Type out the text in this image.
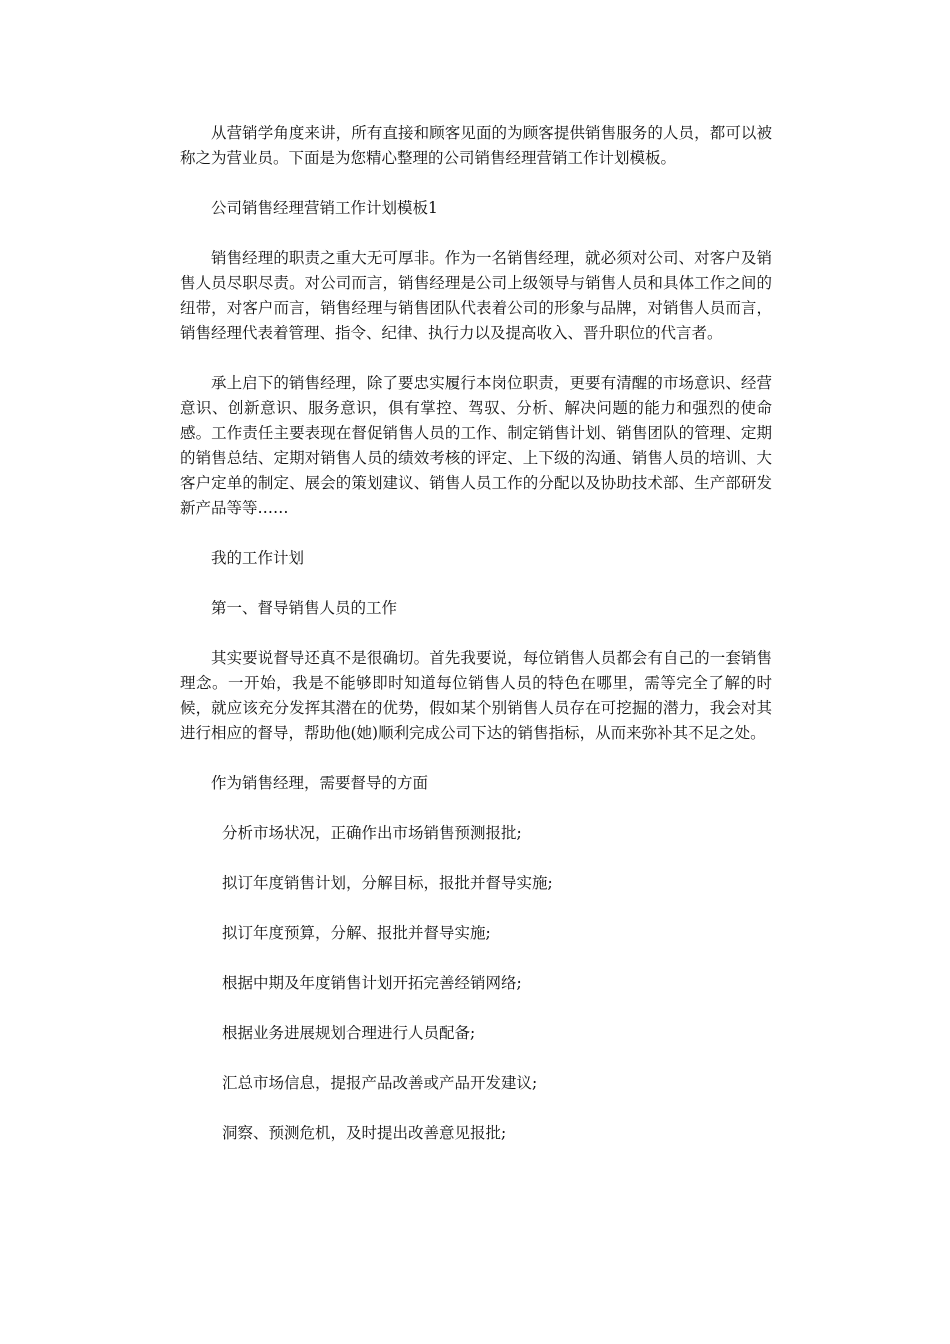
从营销学角度来讲，所有直接和顾客见面的为顾客提供销售服务的人员，都可以被称之为营业员。下面是为您精心整理的公司销售经理营销工作计划模板。

公司销售经理营销工作计划模板1

销售经理的职责之重大无可厚非。作为一名销售经理，就必须对公司、对客户及销售人员尽职尽责。对公司而言，销售经理是公司上级领导与销售人员和具体工作之间的纽带，对客户而言，销售经理与销售团队代表着公司的形象与品牌，对销售人员而言，销售经理代表着管理、指令、纪律、执行力以及提高收入、晋升职位的代言者。

承上启下的销售经理，除了要忠实履行本岗位职责，更要有清醒的市场意识、经营意识、创新意识、服务意识，俱有掌控、驾驭、分析、解决问题的能力和强烈的使命感。工作责任主要表现在督促销售人员的工作、制定销售计划、销售团队的管理、定期的销售总结、定期对销售人员的绩效考核的评定、上下级的沟通、销售人员的培训、大客户定单的制定、展会的策划建议、销售人员工作的分配以及协助技术部、生产部研发新产品等等……

我的工作计划

第一、督导销售人员的工作

其实要说督导还真不是很确切。首先我要说，每位销售人员都会有自己的一套销售理念。一开始，我是不能够即时知道每位销售人员的特色在哪里，需等完全了解的时候，就应该充分发挥其潜在的优势，假如某个别销售人员存在可挖掘的潜力，我会对其进行相应的督导，帮助他(她)顺利完成公司下达的销售指标，从而来弥补其不足之处。

作为销售经理，需要督导的方面

分析市场状况，正确作出市场销售预测报批;

拟订年度销售计划，分解目标，报批并督导实施;

拟订年度预算，分解、报批并督导实施;

根据中期及年度销售计划开拓完善经销网络;

根据业务进展规划合理进行人员配备;

汇总市场信息，提报产品改善或产品开发建议;

洞察、预测危机，及时提出改善意见报批;
